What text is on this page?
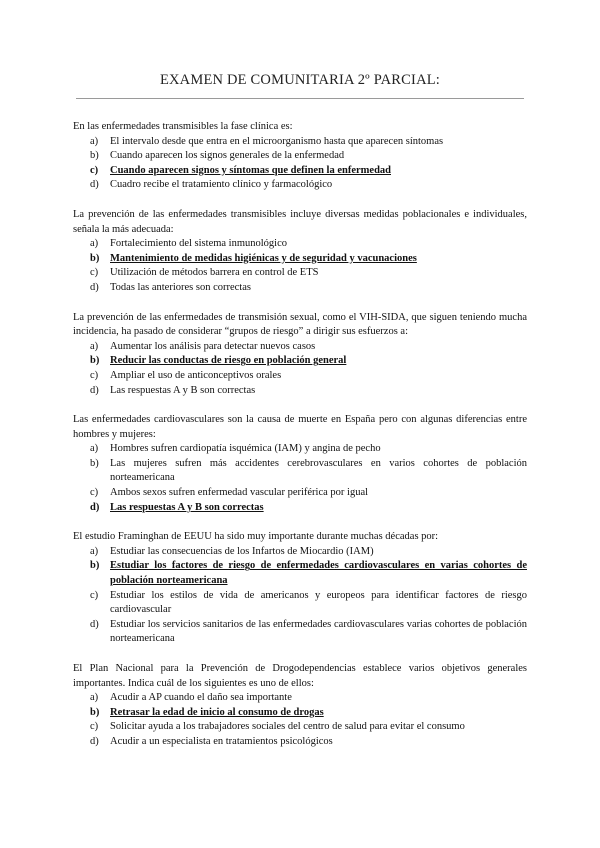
EXAMEN DE COMUNITARIA 2º PARCIAL:
En las enfermedades transmisibles la fase clínica es:
a) El intervalo desde que entra en el microorganismo hasta que aparecen síntomas
b) Cuando aparecen los signos generales de la enfermedad
c) Cuando aparecen signos y síntomas que definen la enfermedad
d) Cuadro recibe el tratamiento clínico y farmacológico
La prevención de las enfermedades transmisibles incluye diversas medidas poblacionales e individuales, señala la más adecuada:
a) Fortalecimiento del sistema inmunológico
b) Mantenimiento de medidas higiénicas y de seguridad y vacunaciones
c) Utilización de métodos barrera en control de ETS
d) Todas las anteriores son correctas
La prevención de las enfermedades de transmisión sexual, como el VIH-SIDA, que siguen teniendo mucha incidencia, ha pasado de considerar “grupos de riesgo” a dirigir sus esfuerzos a:
a) Aumentar los análisis para detectar nuevos casos
b) Reducir las conductas de riesgo en población general
c) Ampliar el uso de anticonceptivos orales
d) Las respuestas A y B son correctas
Las enfermedades cardiovasculares son la causa de muerte en España pero con algunas diferencias entre hombres y mujeres:
a) Hombres sufren cardiopatía isquémica (IAM) y angina de pecho
b) Las mujeres sufren más accidentes cerebrovasculares en varios cohortes de población norteamericana
c) Ambos sexos sufren enfermedad vascular periférica por igual
d) Las respuestas A y B son correctas
El estudio Framinghan de EEUU ha sido muy importante durante muchas décadas por:
a) Estudiar las consecuencias de los Infartos de Miocardio (IAM)
b) Estudiar los factores de riesgo de enfermedades cardiovasculares en varias cohortes de población norteamericana
c) Estudiar los estilos de vida de americanos y europeos para identificar factores de riesgo cardiovascular
d) Estudiar los servicios sanitarios de las enfermedades cardiovasculares varias cohortes de población norteamericana
El Plan Nacional para la Prevención de Drogodependencias establece varios objetivos generales importantes. Indica cuál de los siguientes es uno de ellos:
a) Acudir a AP cuando el daño sea importante
b) Retrasar la edad de inicio al consumo de drogas
c) Solicitar ayuda a los trabajadores sociales del centro de salud para evitar el consumo
d) Acudir a un especialista en tratamientos psicológicos
